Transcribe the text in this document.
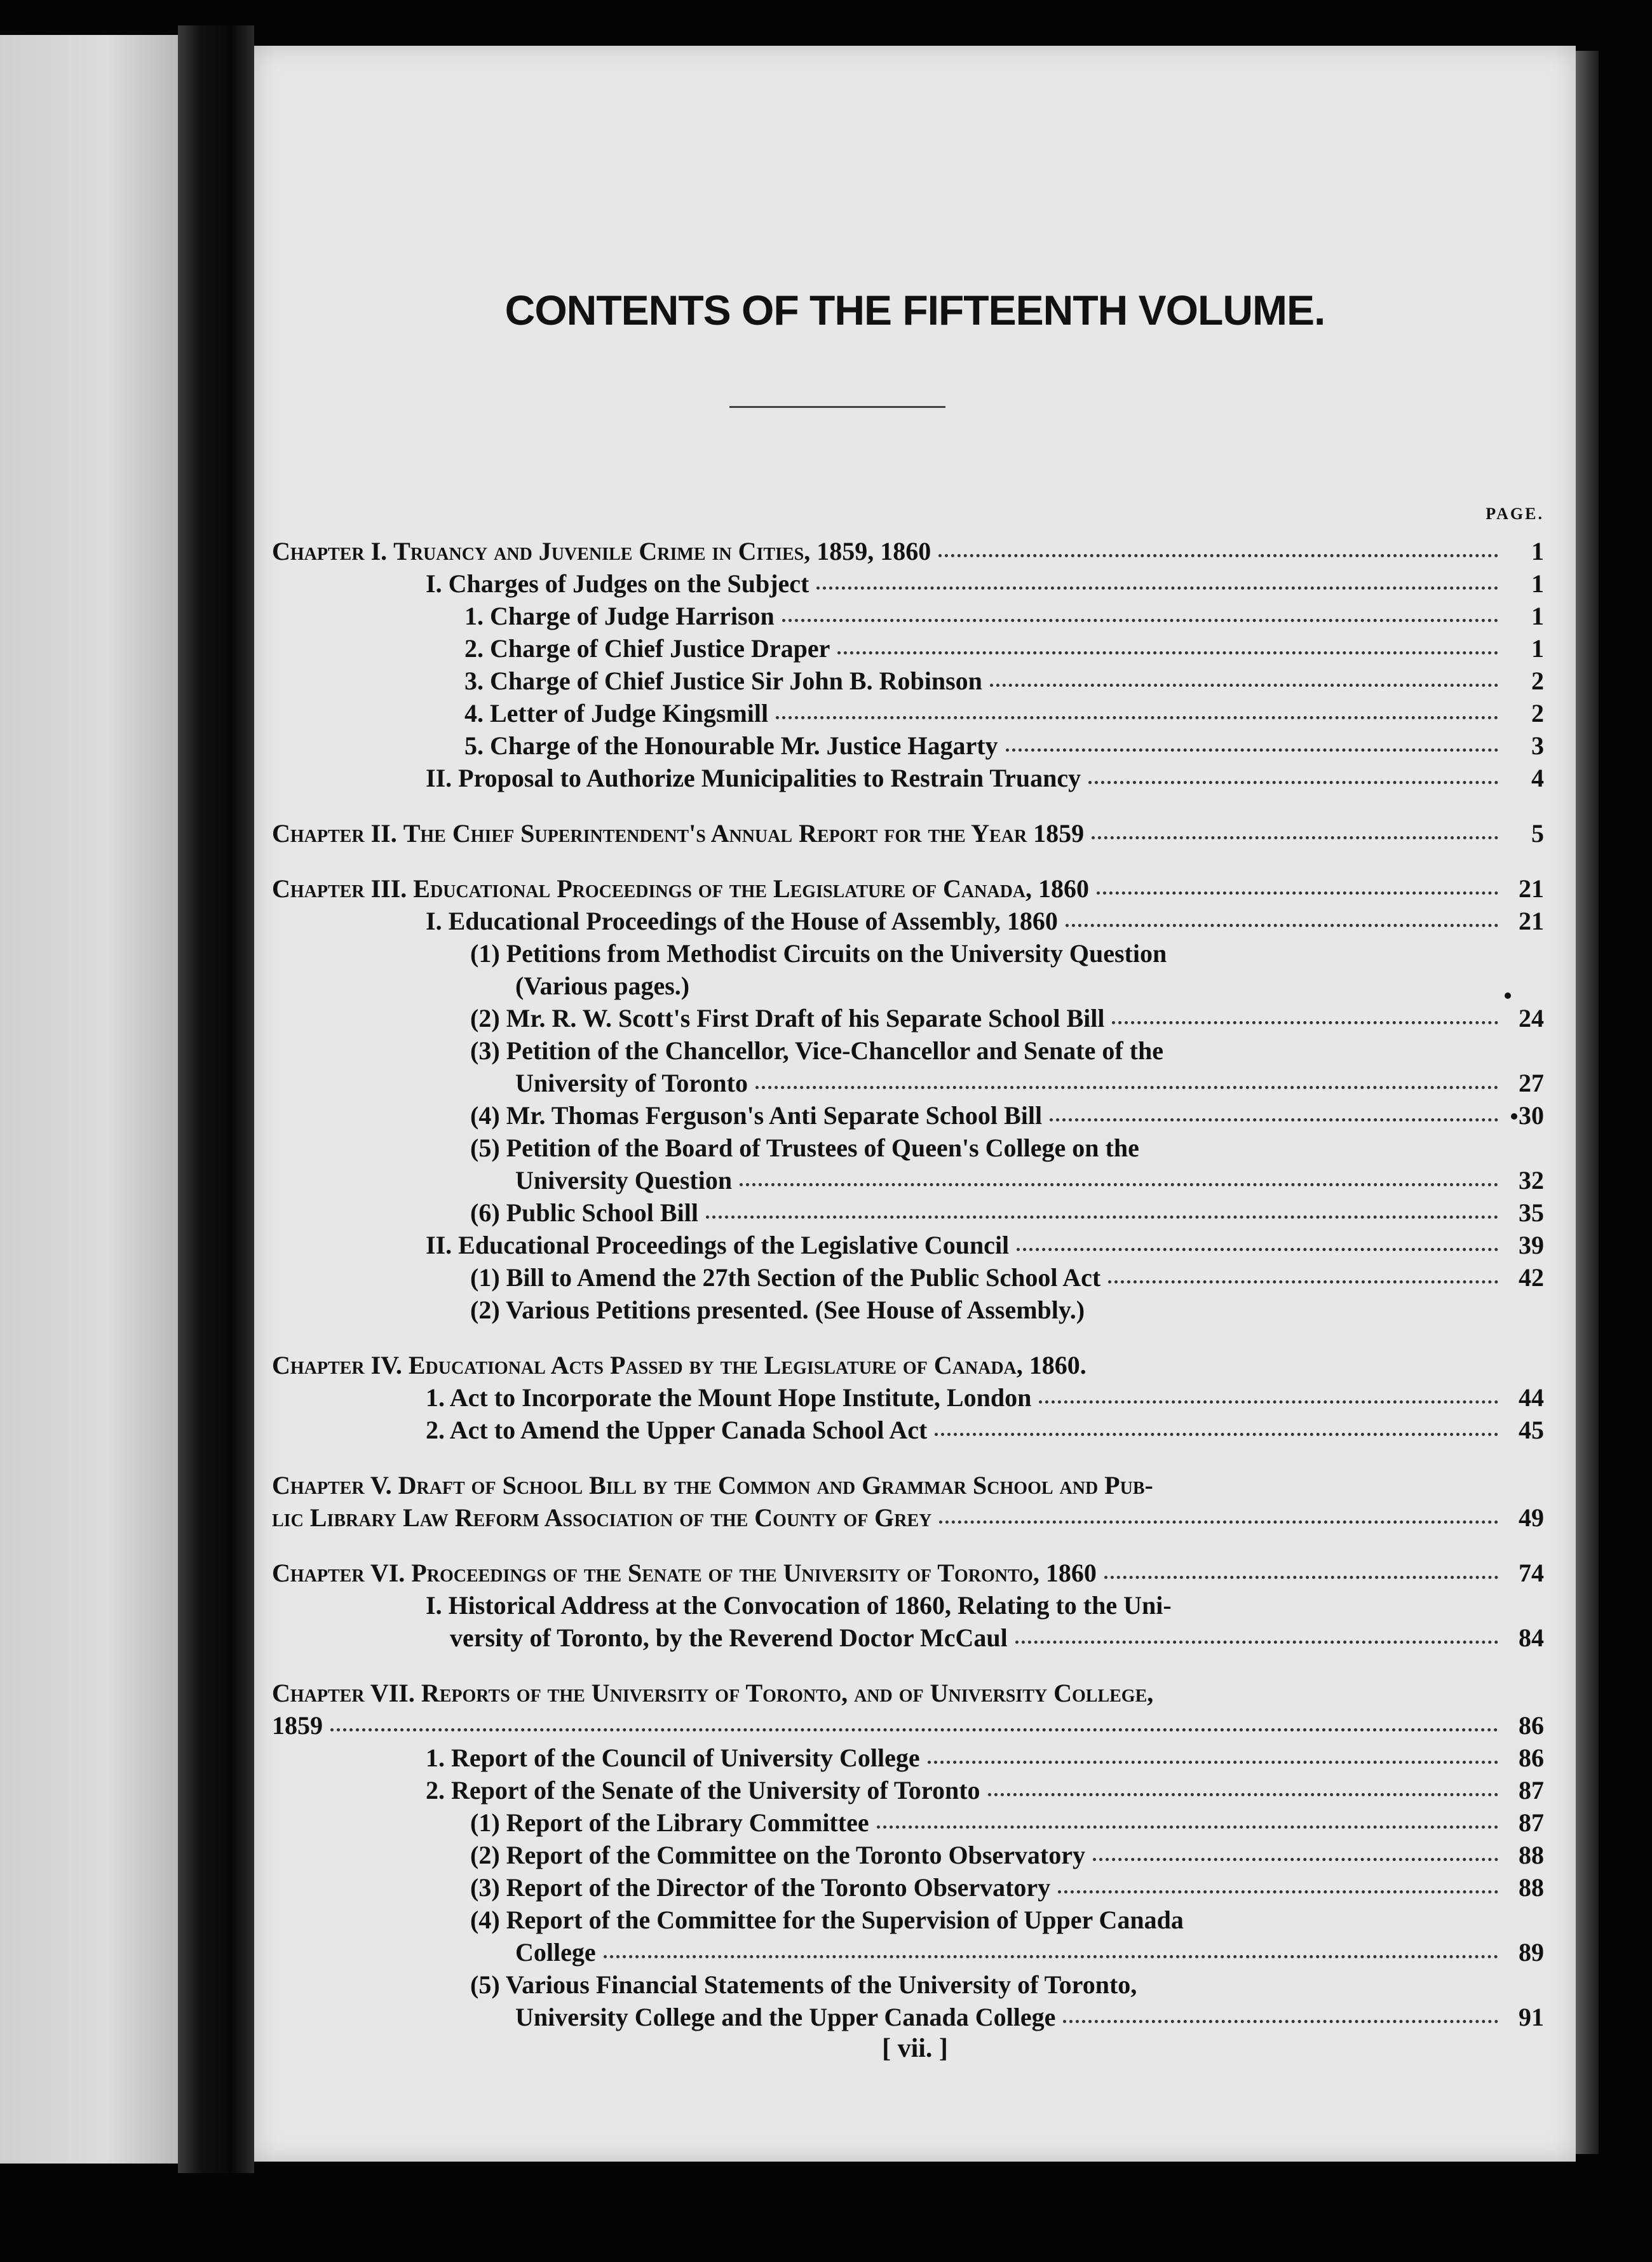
CONTENTS OF THE FIFTEENTH VOLUME.
PAGE.
Chapter I. Truancy and Juvenile Crime in Cities, 1859, 1860	1
I. Charges of Judges on the Subject	1
1. Charge of Judge Harrison	1
2. Charge of Chief Justice Draper	1
3. Charge of Chief Justice Sir John B. Robinson	2
4. Letter of Judge Kingsmill	2
5. Charge of the Honourable Mr. Justice Hagarty	3
II. Proposal to Authorize Municipalities to Restrain Truancy	4
Chapter II. The Chief Superintendent's Annual Report for the Year 1859	5
Chapter III. Educational Proceedings of the Legislature of Canada, 1860	21
I. Educational Proceedings of the House of Assembly, 1860	21
(1) Petitions from Methodist Circuits on the University Question
(Various pages.)
(2) Mr. R. W. Scott's First Draft of his Separate School Bill	24
(3) Petition of the Chancellor, Vice-Chancellor and Senate of the
University of Toronto	27
(4) Mr. Thomas Ferguson's Anti Separate School Bill	30
(5) Petition of the Board of Trustees of Queen's College on the
University Question	32
(6) Public School Bill	35
II. Educational Proceedings of the Legislative Council	39
(1) Bill to Amend the 27th Section of the Public School Act	42
(2) Various Petitions presented. (See House of Assembly.)
Chapter IV. Educational Acts Passed by the Legislature of Canada, 1860.
1. Act to Incorporate the Mount Hope Institute, London	44
2. Act to Amend the Upper Canada School Act	45
Chapter V. Draft of School Bill by the Common and Grammar School and Pub-
lic Library Law Reform Association of the County of Grey	49
Chapter VI. Proceedings of the Senate of the University of Toronto, 1860	74
I. Historical Address at the Convocation of 1860, Relating to the Uni-
versity of Toronto, by the Reverend Doctor McCaul	84
Chapter VII. Reports of the University of Toronto, and of University College,
1859	86
1. Report of the Council of University College	86
2. Report of the Senate of the University of Toronto	87
(1) Report of the Library Committee	87
(2) Report of the Committee on the Toronto Observatory	88
(3) Report of the Director of the Toronto Observatory	88
(4) Report of the Committee for the Supervision of Upper Canada
College	89
(5) Various Financial Statements of the University of Toronto,
University College and the Upper Canada College	91
[ vii. ]
